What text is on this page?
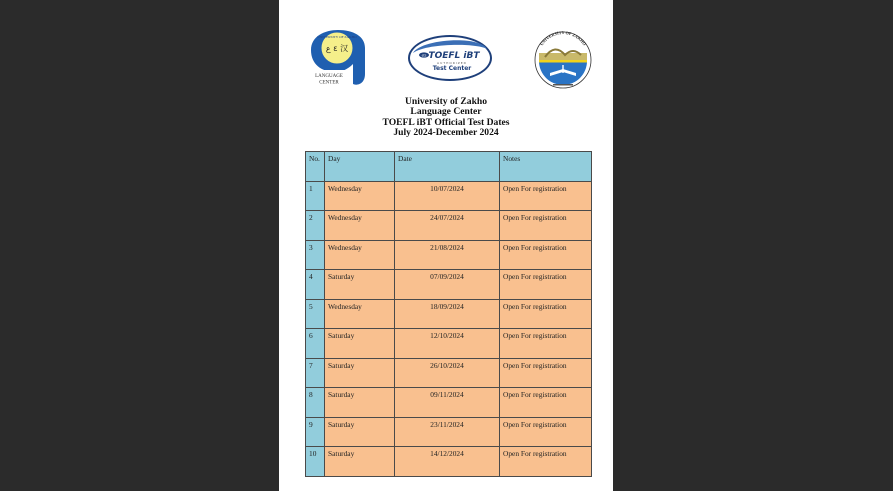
UNIVERSITY OF ZAKHO
ع ε 汉
LANGUAGE
CENTER
ets TOEFL iBT
AUTHORIZED
Test Center
UNIVERSITY OF ZAKHO
University of Zakho
Language Center
TOEFL iBT Official Test Dates
July 2024-December 2024
No.	Day	Date	Notes
1	Wednesday	10/07/2024	Open For registration
2	Wednesday	24/07/2024	Open For registration
3	Wednesday	21/08/2024	Open For registration
4	Saturday	07/09/2024	Open For registration
5	Wednesday	18/09/2024	Open For registration
6	Saturday	12/10/2024	Open For registration
7	Saturday	26/10/2024	Open For registration
8	Saturday	09/11/2024	Open For registration
9	Saturday	23/11/2024	Open For registration
10	Saturday	14/12/2024	Open For registration
